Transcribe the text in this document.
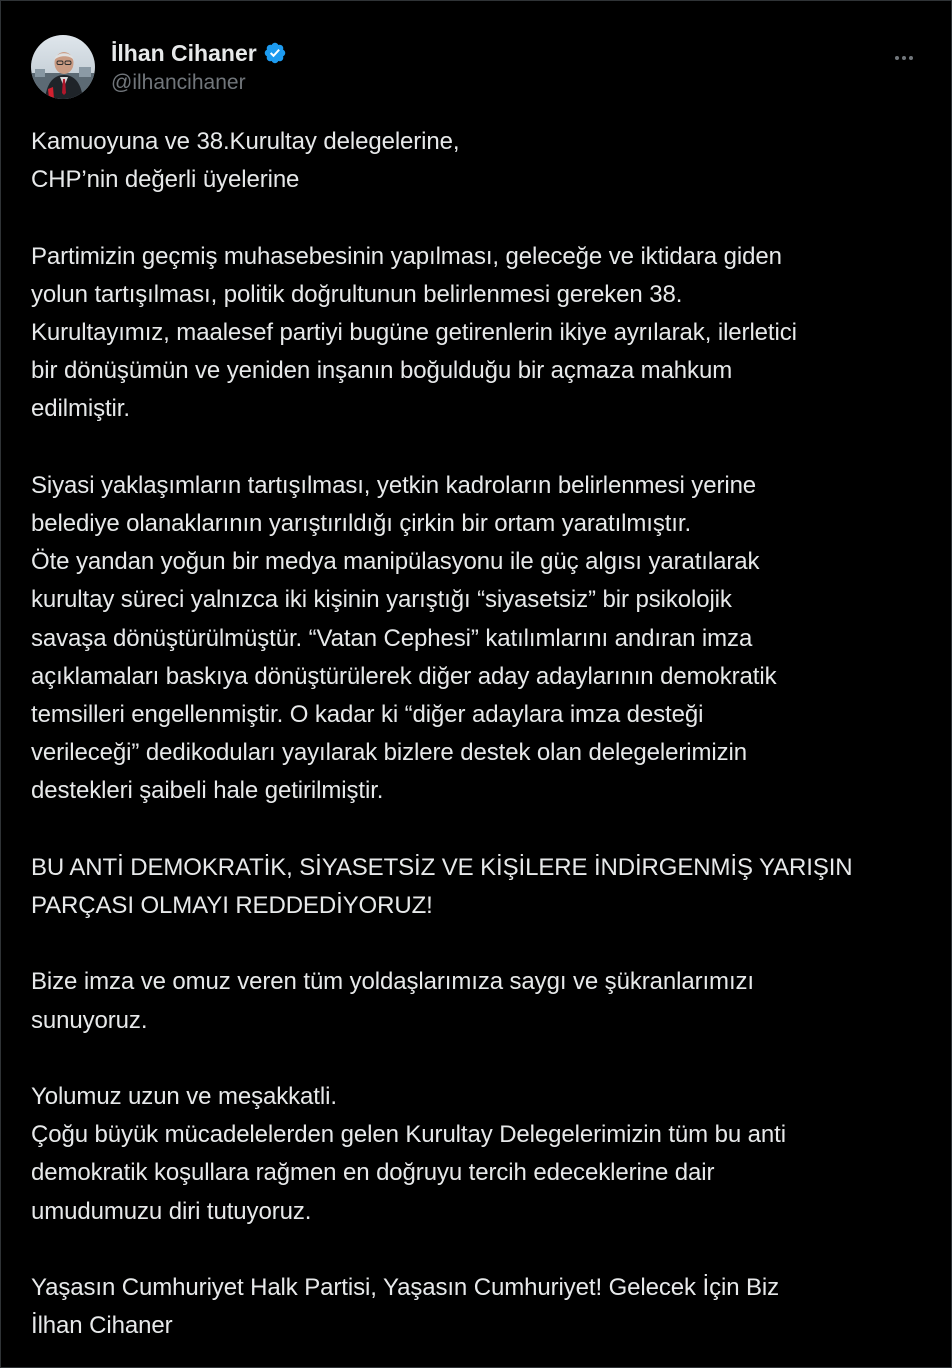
İlhan Cihaner
@ilhancihaner

Kamuoyuna ve 38.Kurultay delegelerine,
CHP’nin değerli üyelerine

Partimizin geçmiş muhasebesinin yapılması, geleceğe ve iktidara giden
yolun tartışılması, politik doğrultunun belirlenmesi gereken 38.
Kurultayımız, maalesef partiyi bugüne getirenlerin ikiye ayrılarak, ilerletici
bir dönüşümün ve yeniden inşanın boğulduğu bir açmaza mahkum
edilmiştir.

Siyasi yaklaşımların tartışılması, yetkin kadroların belirlenmesi yerine
belediye olanaklarının yarıştırıldığı çirkin bir ortam yaratılmıştır.
Öte yandan yoğun bir medya manipülasyonu ile güç algısı yaratılarak
kurultay süreci yalnızca iki kişinin yarıştığı “siyasetsiz” bir psikolojik
savaşa dönüştürülmüştür. “Vatan Cephesi” katılımlarını andıran imza
açıklamaları baskıya dönüştürülerek diğer aday adaylarının demokratik
temsilleri engellenmiştir. O kadar ki “diğer adaylara imza desteği
verileceği” dedikoduları yayılarak bizlere destek olan delegelerimizin
destekleri şaibeli hale getirilmiştir.

BU ANTİ DEMOKRATİK, SİYASETSİZ VE KİŞİLERE İNDİRGENMİŞ YARIŞIN
PARÇASI OLMAYI REDDEDİYORUZ!

Bize imza ve omuz veren tüm yoldaşlarımıza saygı ve şükranlarımızı
sunuyoruz.

Yolumuz uzun ve meşakkatli.
Çoğu büyük mücadelelerden gelen Kurultay Delegelerimizin tüm bu anti
demokratik koşullara rağmen en doğruyu tercih edeceklerine dair
umudumuzu diri tutuyoruz.

Yaşasın Cumhuriyet Halk Partisi, Yaşasın Cumhuriyet! Gelecek İçin Biz
İlhan Cihaner
